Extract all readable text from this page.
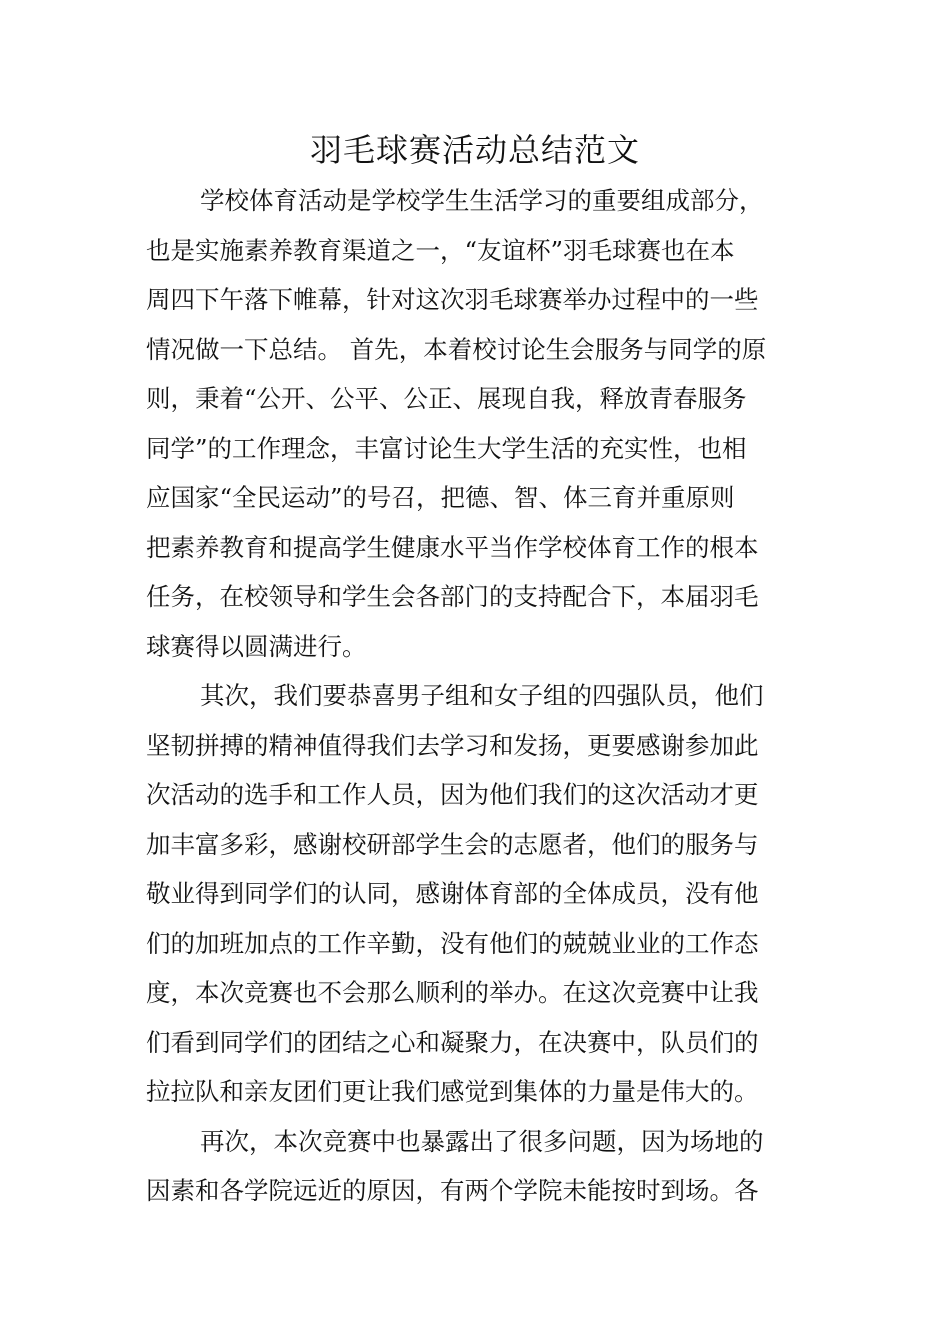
羽毛球赛活动总结范文
学校体育活动是学校学生生活学习的重要组成部分，
也是实施素养教育渠道之一，“友谊杯”羽毛球赛也在本
周四下午落下帷幕，针对这次羽毛球赛举办过程中的一些
情况做一下总结。 首先，本着校讨论生会服务与同学的原
则，秉着“公开、公平、公正、展现自我，释放青春服务
同学”的工作理念，丰富讨论生大学生活的充实性，也相
应国家“全民运动”的号召，把德、智、体三育并重原则
把素养教育和提高学生健康水平当作学校体育工作的根本
任务，在校领导和学生会各部门的支持配合下，本届羽毛
球赛得以圆满进行。
其次，我们要恭喜男子组和女子组的四强队员，他们
坚韧拼搏的精神值得我们去学习和发扬，更要感谢参加此
次活动的选手和工作人员，因为他们我们的这次活动才更
加丰富多彩，感谢校研部学生会的志愿者，他们的服务与
敬业得到同学们的认同，感谢体育部的全体成员，没有他
们的加班加点的工作辛勤，没有他们的兢兢业业的工作态
度，本次竞赛也不会那么顺利的举办。在这次竞赛中让我
们看到同学们的团结之心和凝聚力，在决赛中，队员们的
拉拉队和亲友团们更让我们感觉到集体的力量是伟大的。
再次，本次竞赛中也暴露出了很多问题，因为场地的
因素和各学院远近的原因，有两个学院未能按时到场。各
